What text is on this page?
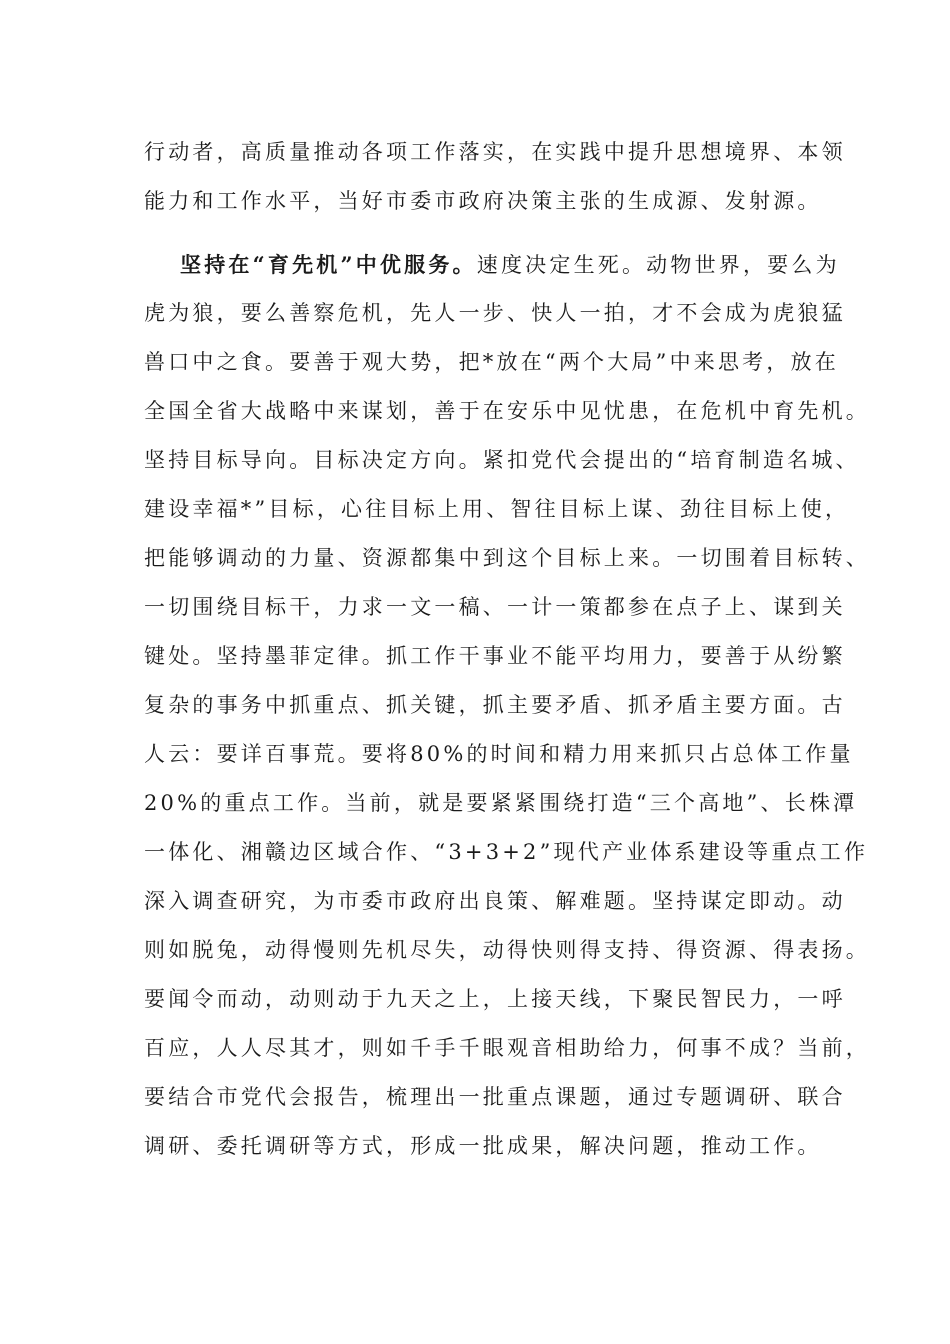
行动者，高质量推动各项工作落实，在实践中提升思想境界、本领
能力和工作水平，当好市委市政府决策主张的生成源、发射源。
坚持在“育先机”中优服务。速度决定生死。动物世界，要么为
虎为狼，要么善察危机，先人一步、快人一拍，才不会成为虎狼猛
兽口中之食。要善于观大势，把*放在“两个大局”中来思考，放在
全国全省大战略中来谋划，善于在安乐中见忧患，在危机中育先机。
坚持目标导向。目标决定方向。紧扣党代会提出的“培育制造名城、
建设幸福*”目标，心往目标上用、智往目标上谋、劲往目标上使，
把能够调动的力量、资源都集中到这个目标上来。一切围着目标转、
一切围绕目标干，力求一文一稿、一计一策都参在点子上、谋到关
键处。坚持墨菲定律。抓工作干事业不能平均用力，要善于从纷繁
复杂的事务中抓重点、抓关键，抓主要矛盾、抓矛盾主要方面。古
人云：要详百事荒。要将80%的时间和精力用来抓只占总体工作量
20%的重点工作。当前，就是要紧紧围绕打造“三个高地”、长株潭
一体化、湘赣边区域合作、“3+3+2”现代产业体系建设等重点工作
深入调查研究，为市委市政府出良策、解难题。坚持谋定即动。动
则如脱兔，动得慢则先机尽失，动得快则得支持、得资源、得表扬。
要闻令而动，动则动于九天之上，上接天线，下聚民智民力，一呼
百应，人人尽其才，则如千手千眼观音相助给力，何事不成？当前，
要结合市党代会报告，梳理出一批重点课题，通过专题调研、联合
调研、委托调研等方式，形成一批成果，解决问题，推动工作。
